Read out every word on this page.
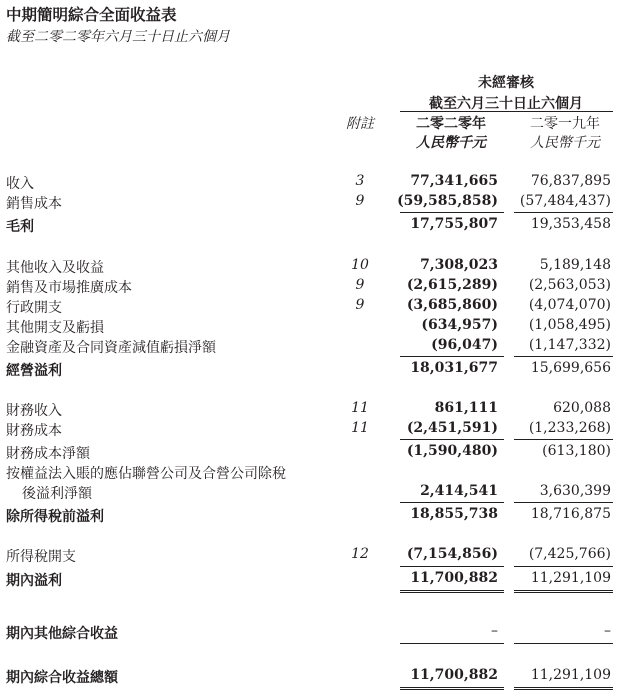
中期簡明綜合全面收益表
截至二零二零年六月三十日止六個月
未經審核
截至六月三十日止六個月
附註	二零二零年	二零一九年
人民幣千元	人民幣千元
收入	3	77,341,665 76,837,895
銷售成本	9	(59,585,858) (57,484,437)
毛利	17,755,807 19,353,458
其他收入及收益	10	7,308,023	5,189,148
銷售及市場推廣成本	9	(2,615,289) (2,563,053)
行政開支	9	(3,685,860) (4,074,070)
其他開支及虧損	(634,957) (1,058,495)
金融資產及合同資產減值虧損淨額	(96,047) (1,147,332)
經營溢利	18,031,677 15,699,656
財務收入	11	861,111	620,088
財務成本	11	(2,451,591) (1,233,268)
財務成本淨額	(1,590,480)	(613,180)
按權益法入賬的應佔聯營公司及合營公司除稅
後溢利淨額	2,414,541	3,630,399
除所得稅前溢利	18,855,738 18,716,875
所得稅開支	12	(7,154,856) (7,425,766)
期內溢利	11,700,882 11,291,109
期內其他綜合收益	–	–
期內綜合收益總額	11,700,882 11,291,109
